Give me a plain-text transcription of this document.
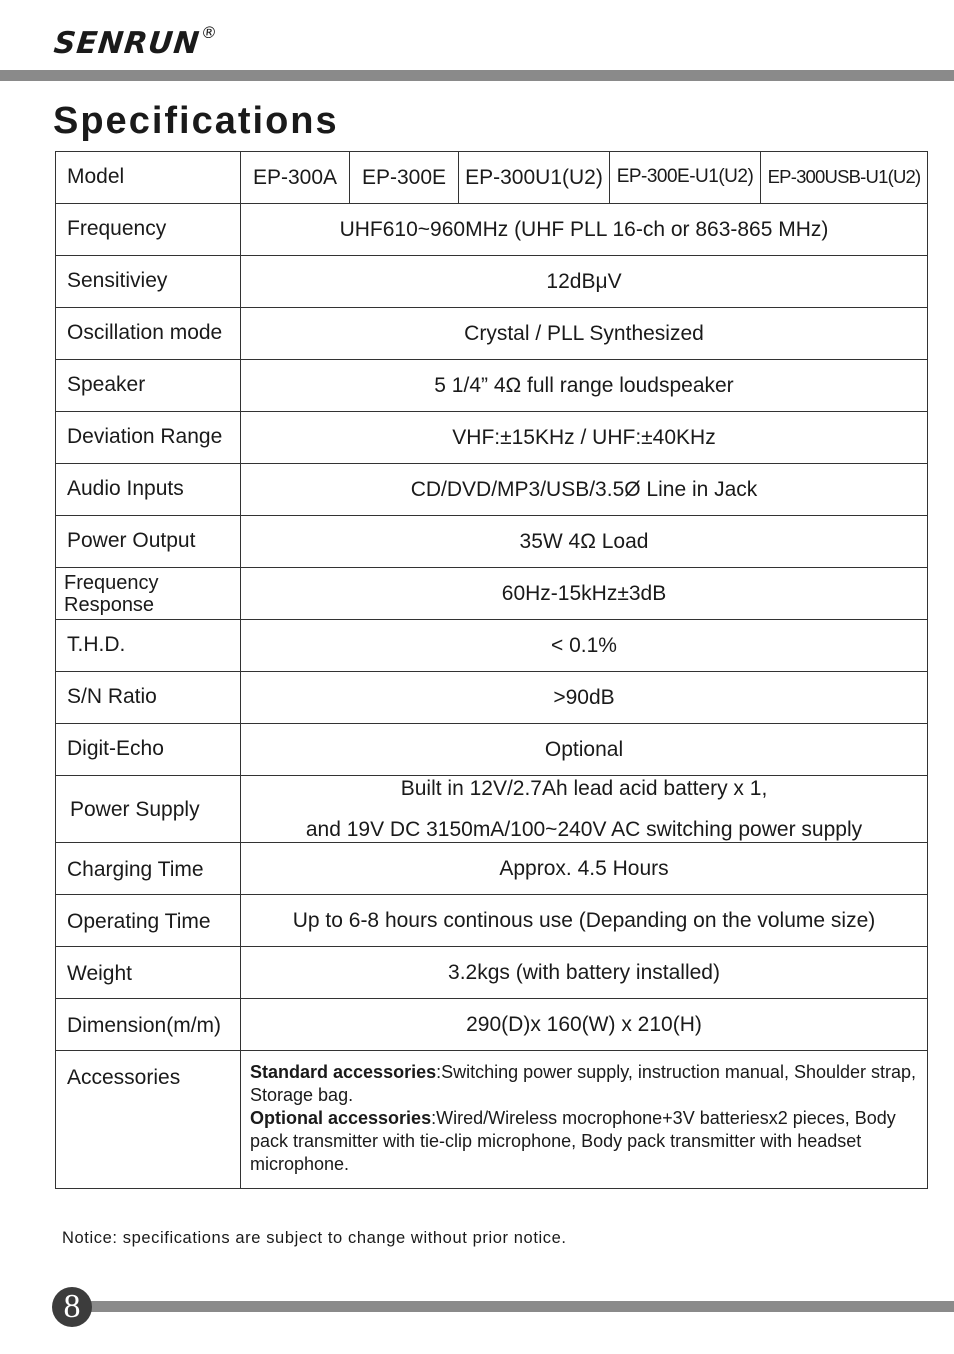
SENRUN®
Specifications
Model	EP-300A	EP-300E	EP-300U1(U2)	EP-300E-U1(U2)	EP-300USB-U1(U2)
Frequency	UHF610~960MHz (UHF PLL 16-ch or 863-865 MHz)				
Sensitiviey	12dBμV				
Oscillation mode	Crystal / PLL Synthesized				
Speaker	5 1/4” 4Ω full range loudspeaker				
Deviation Range	VHF:±15KHz / UHF:±40KHz				
Audio Inputs	CD/DVD/MP3/USB/3.5Ø Line in Jack				
Power Output	35W 4Ω Load				
Frequency Response	60Hz-15kHz±3dB				
T.H.D.	< 0.1%				
S/N Ratio	>90dB				
Digit-Echo	Optional				
Power Supply	Built in 12V/2.7Ah lead acid battery x 1,
and 19V DC 3150mA/100~240V AC switching power supply				

Charging Time	Approx. 4.5 Hours				
Operating Time	Up to 6-8 hours continous use (Depanding on the volume size)				
Weight	3.2kgs (with battery installed)				
Dimension(m/m)	290(D)x 160(W) x 210(H)				
Accessories	Standard accessories:Switching power supply, instruction manual, Shoulder strap, Storage bag.
Optional accessories:Wired/Wireless mocrophone+3V batteriesx2 pieces, Body pack transmitter with tie-clip microphone, Body pack transmitter with headset microphone.				
Notice: specifications are subject to change without prior notice.
8
